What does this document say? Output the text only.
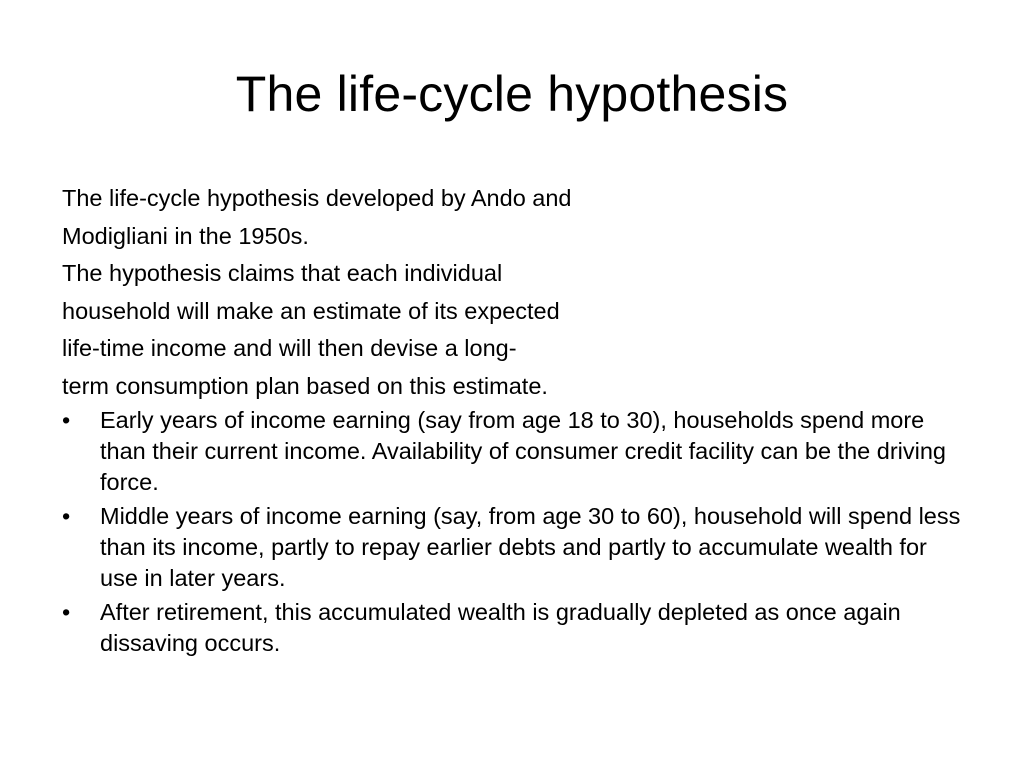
The life-cycle hypothesis
The life-cycle hypothesis developed by Ando and
Modigliani in the 1950s.
The hypothesis claims that each individual
household will make an estimate of its expected
life-time income and will then devise a long-
term consumption plan based on this estimate.
•	Early years of income earning (say from age 18 to 30), households spend more than their current income. Availability of consumer credit facility can be the driving force.
•	Middle years of income earning (say, from age 30 to 60), household will spend less than its income, partly to repay earlier debts and partly to accumulate wealth for use in later years.
•	After retirement, this accumulated wealth is gradually depleted as once again dissaving occurs.
